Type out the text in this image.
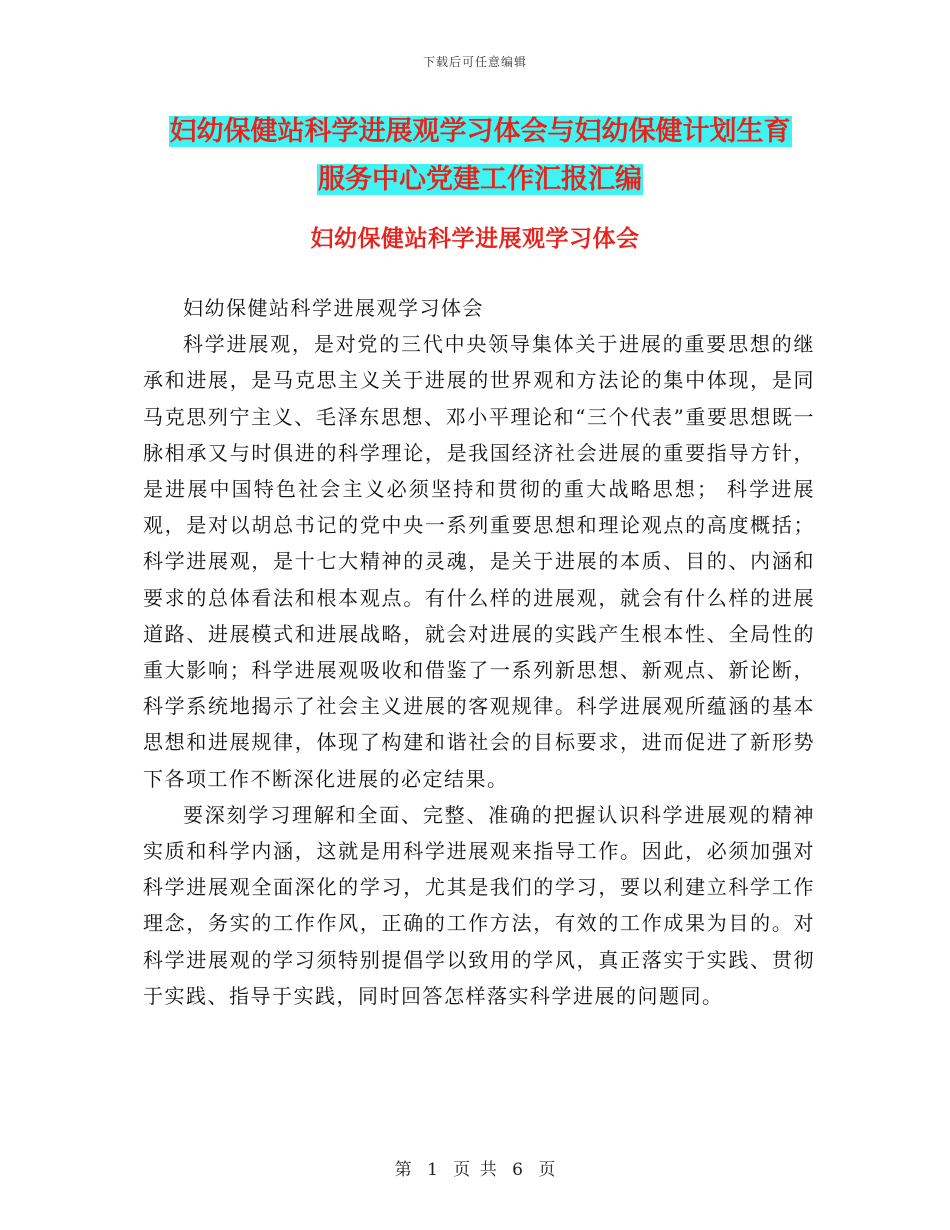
下载后可任意编辑
妇幼保健站科学进展观学习体会与妇幼保健计划生育
服务中心党建工作汇报汇编
妇幼保健站科学进展观学习体会

妇幼保健站科学进展观学习体会

科学进展观，是对党的三代中央领导集体关于进展的重要思想的继承和进展，是马克思主义关于进展的世界观和方法论的集中体现，是同马克思列宁主义、毛泽东思想、邓小平理论和“三个代表”重要思想既一脉相承又与时俱进的科学理论，是我国经济社会进展的重要指导方针，是进展中国特色社会主义必须坚持和贯彻的重大战略思想； 科学进展观，是对以胡总书记的党中央一系列重要思想和理论观点的高度概括；科学进展观，是十七大精神的灵魂，是关于进展的本质、目的、内涵和要求的总体看法和根本观点。有什么样的进展观，就会有什么样的进展道路、进展模式和进展战略，就会对进展的实践产生根本性、全局性的重大影响；科学进展观吸收和借鉴了一系列新思想、新观点、新论断，科学系统地揭示了社会主义进展的客观规律。科学进展观所蕴涵的基本思想和进展规律，体现了构建和谐社会的目标要求，进而促进了新形势下各项工作不断深化进展的必定结果。

要深刻学习理解和全面、完整、准确的把握认识科学进展观的精神实质和科学内涵，这就是用科学进展观来指导工作。因此，必须加强对科学进展观全面深化的学习，尤其是我们的学习，要以利建立科学工作理念，务实的工作作风，正确的工作方法，有效的工作成果为目的。对科学进展观的学习须特别提倡学以致用的学风，真正落实于实践、贯彻于实践、指导于实践，同时回答怎样落实科学进展的问题同。

第 1 页 共 6 页
